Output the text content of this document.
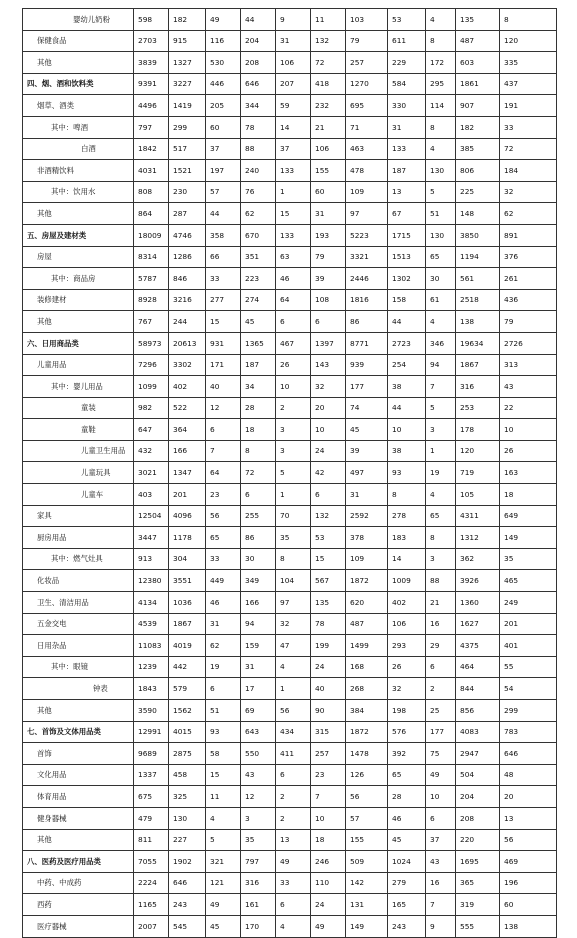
婴幼儿奶粉	598	182	49	44	9	11	103	53	4	135	8
保健食品	2703	915	116	204	31	132	79	611	8	487	120
其他	3839	1327	530	208	106	72	257	229	172	603	335
四、烟、酒和饮料类	9391	3227	446	646	207	418	1270	584	295	1861	437
烟草、酒类	4496	1419	205	344	59	232	695	330	114	907	191
其中：啤酒	797	299	60	78	14	21	71	31	8	182	33
白酒	1842	517	37	88	37	106	463	133	4	385	72
非酒精饮料	4031	1521	197	240	133	155	478	187	130	806	184
其中：饮用水	808	230	57	76	1	60	109	13	5	225	32
其他	864	287	44	62	15	31	97	67	51	148	62
五、房屋及建材类	18009	4746	358	670	133	193	5223	1715	130	3850	891
房屋	8314	1286	66	351	63	79	3321	1513	65	1194	376
其中：商品房	5787	846	33	223	46	39	2446	1302	30	561	261
装修建材	8928	3216	277	274	64	108	1816	158	61	2518	436
其他	767	244	15	45	6	6	86	44	4	138	79
六、日用商品类	58973	20613	931	1365	467	1397	8771	2723	346	19634	2726
儿童用品	7296	3302	171	187	26	143	939	254	94	1867	313
其中：婴儿用品	1099	402	40	34	10	32	177	38	7	316	43
童装	982	522	12	28	2	20	74	44	5	253	22
童鞋	647	364	6	18	3	10	45	10	3	178	10
儿童卫生用品	432	166	7	8	3	24	39	38	1	120	26
儿童玩具	3021	1347	64	72	5	42	497	93	19	719	163
儿童车	403	201	23	6	1	6	31	8	4	105	18
家具	12504	4096	56	255	70	132	2592	278	65	4311	649
厨房用品	3447	1178	65	86	35	53	378	183	8	1312	149
其中：燃气灶具	913	304	33	30	8	15	109	14	3	362	35
化妆品	12380	3551	449	349	104	567	1872	1009	88	3926	465
卫生、清洁用品	4134	1036	46	166	97	135	620	402	21	1360	249
五金交电	4539	1867	31	94	32	78	487	106	16	1627	201
日用杂品	11083	4019	62	159	47	199	1499	293	29	4375	401
其中：眼镜	1239	442	19	31	4	24	168	26	6	464	55
钟表	1843	579	6	17	1	40	268	32	2	844	54
其他	3590	1562	51	69	56	90	384	198	25	856	299
七、首饰及文体用品类	12991	4015	93	643	434	315	1872	576	177	4083	783
首饰	9689	2875	58	550	411	257	1478	392	75	2947	646
文化用品	1337	458	15	43	6	23	126	65	49	504	48
体育用品	675	325	11	12	2	7	56	28	10	204	20
健身器械	479	130	4	3	2	10	57	46	6	208	13
其他	811	227	5	35	13	18	155	45	37	220	56
八、医药及医疗用品类	7055	1902	321	797	49	246	509	1024	43	1695	469
中药、中成药	2224	646	121	316	33	110	142	279	16	365	196
西药	1165	243	49	161	6	24	131	165	7	319	60
医疗器械	2007	545	45	170	4	49	149	243	9	555	138
